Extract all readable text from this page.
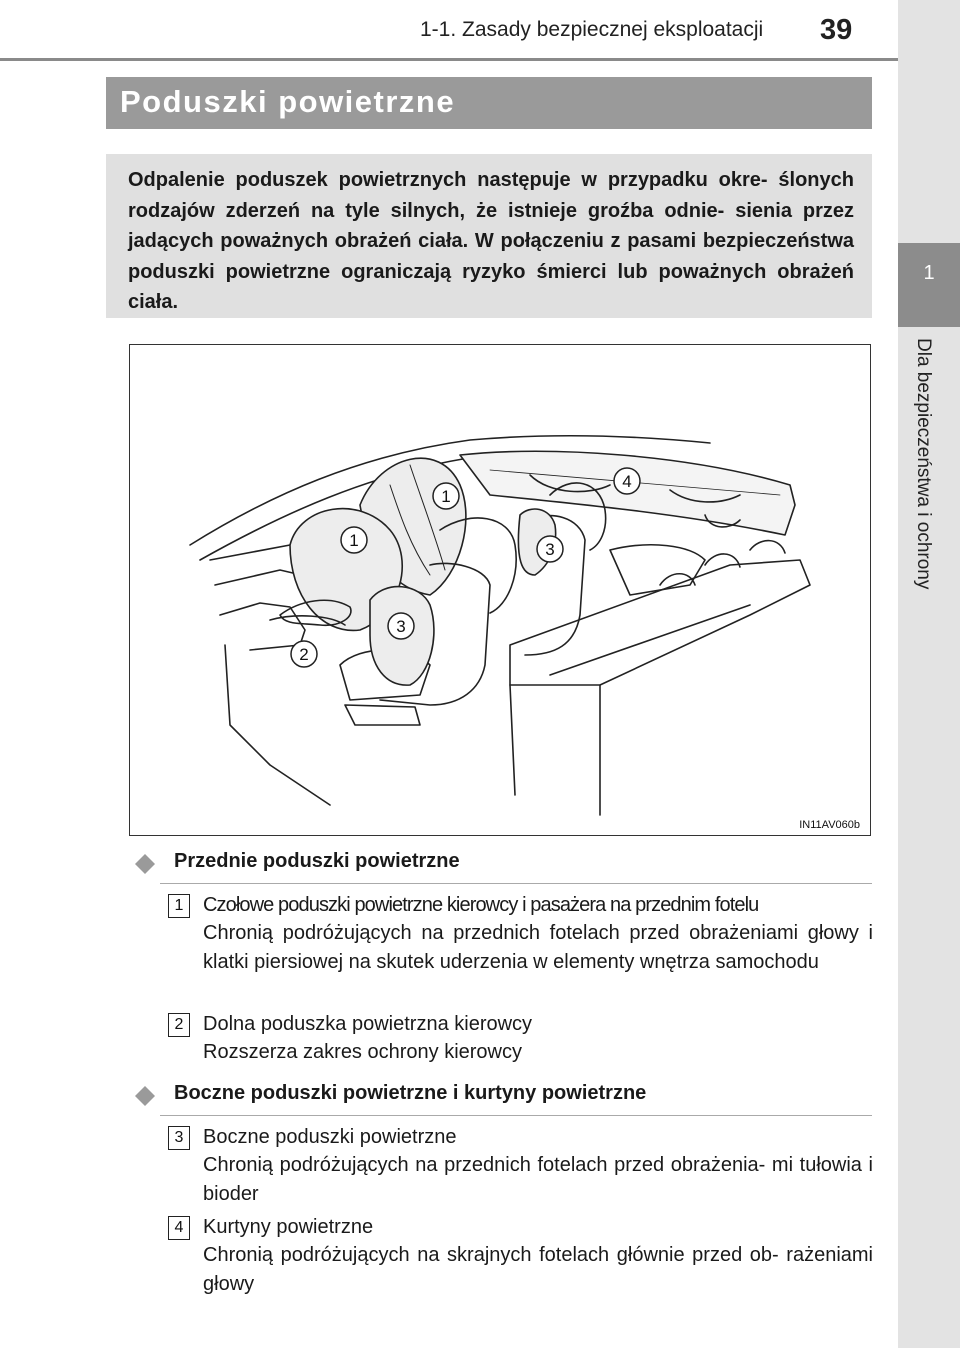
1-1. Zasady bezpiecznej eksploatacji 39
1
Dla bezpieczeństwa i ochrony
Poduszki powietrzne

Odpalenie poduszek powietrznych następuje w przypadku okre- ślonych rodzajów zderzeń na tyle silnych, że istnieje groźba odnie- sienia przez jadących poważnych obrażeń ciała. W połączeniu z pasami bezpieczeństwa poduszki powietrzne ograniczają ryzyko śmierci lub poważnych obrażeń ciała.

1
1
2
3
3
4
IN11AV060b
Przednie poduszki powietrzne
1 Czołowe poduszki powietrzne kierowcy i pasażera na przednim fotelu
Chronią podróżujących na przednich fotelach przed obrażeniami głowy i klatki piersiowej na skutek uderzenia w elementy wnętrza samochodu
2 Dolna poduszka powietrzna kierowcy
Rozszerza zakres ochrony kierowcy
Boczne poduszki powietrzne i kurtyny powietrzne
3 Boczne poduszki powietrzne
Chronią podróżujących na przednich fotelach przed obrażenia- mi tułowia i bioder
4 Kurtyny powietrzne
Chronią podróżujących na skrajnych fotelach głównie przed ob- rażeniami głowy
